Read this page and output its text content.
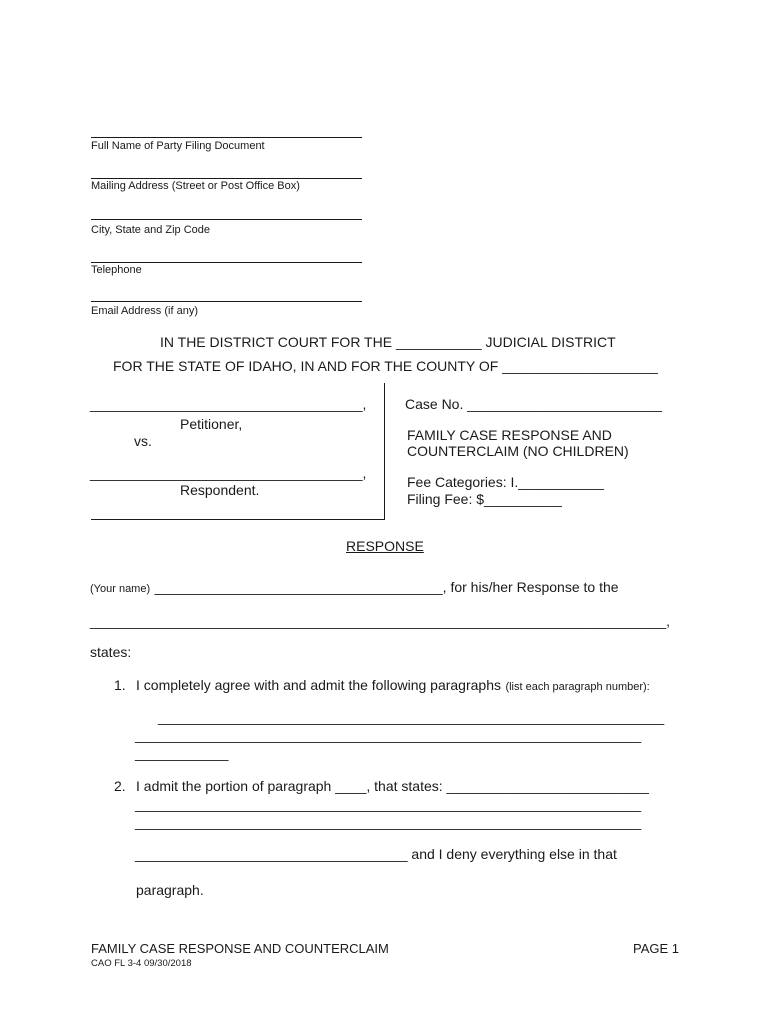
Full Name of Party Filing Document
Mailing Address (Street or Post Office Box)
City, State and Zip Code
Telephone
Email Address (if any)
IN THE DISTRICT COURT FOR THE ___________ JUDICIAL DISTRICT
FOR THE STATE OF IDAHO, IN AND FOR THE COUNTY OF ____________________
___________________________________,
Petitioner,
vs.
___________________________________,
Respondent.
Case No. _________________________
FAMILY CASE RESPONSE AND
COUNTERCLAIM (NO CHILDREN)
Fee Categories: I.___________
Filing Fee: $__________
RESPONSE
(Your name) _____________________________________, for his/her Response to the
__________________________________________________________________________,
states:
1. I completely agree with and admit the following paragraphs (list each paragraph number):
_________________________________________________________________
_________________________________________________________________
____________
2. I admit the portion of paragraph ____, that states: __________________________
_________________________________________________________________
_________________________________________________________________
___________________________________ and I deny everything else in that
paragraph.
FAMILY CASE RESPONSE AND COUNTERCLAIM
CAO FL 3-4 09/30/2018
PAGE 1
